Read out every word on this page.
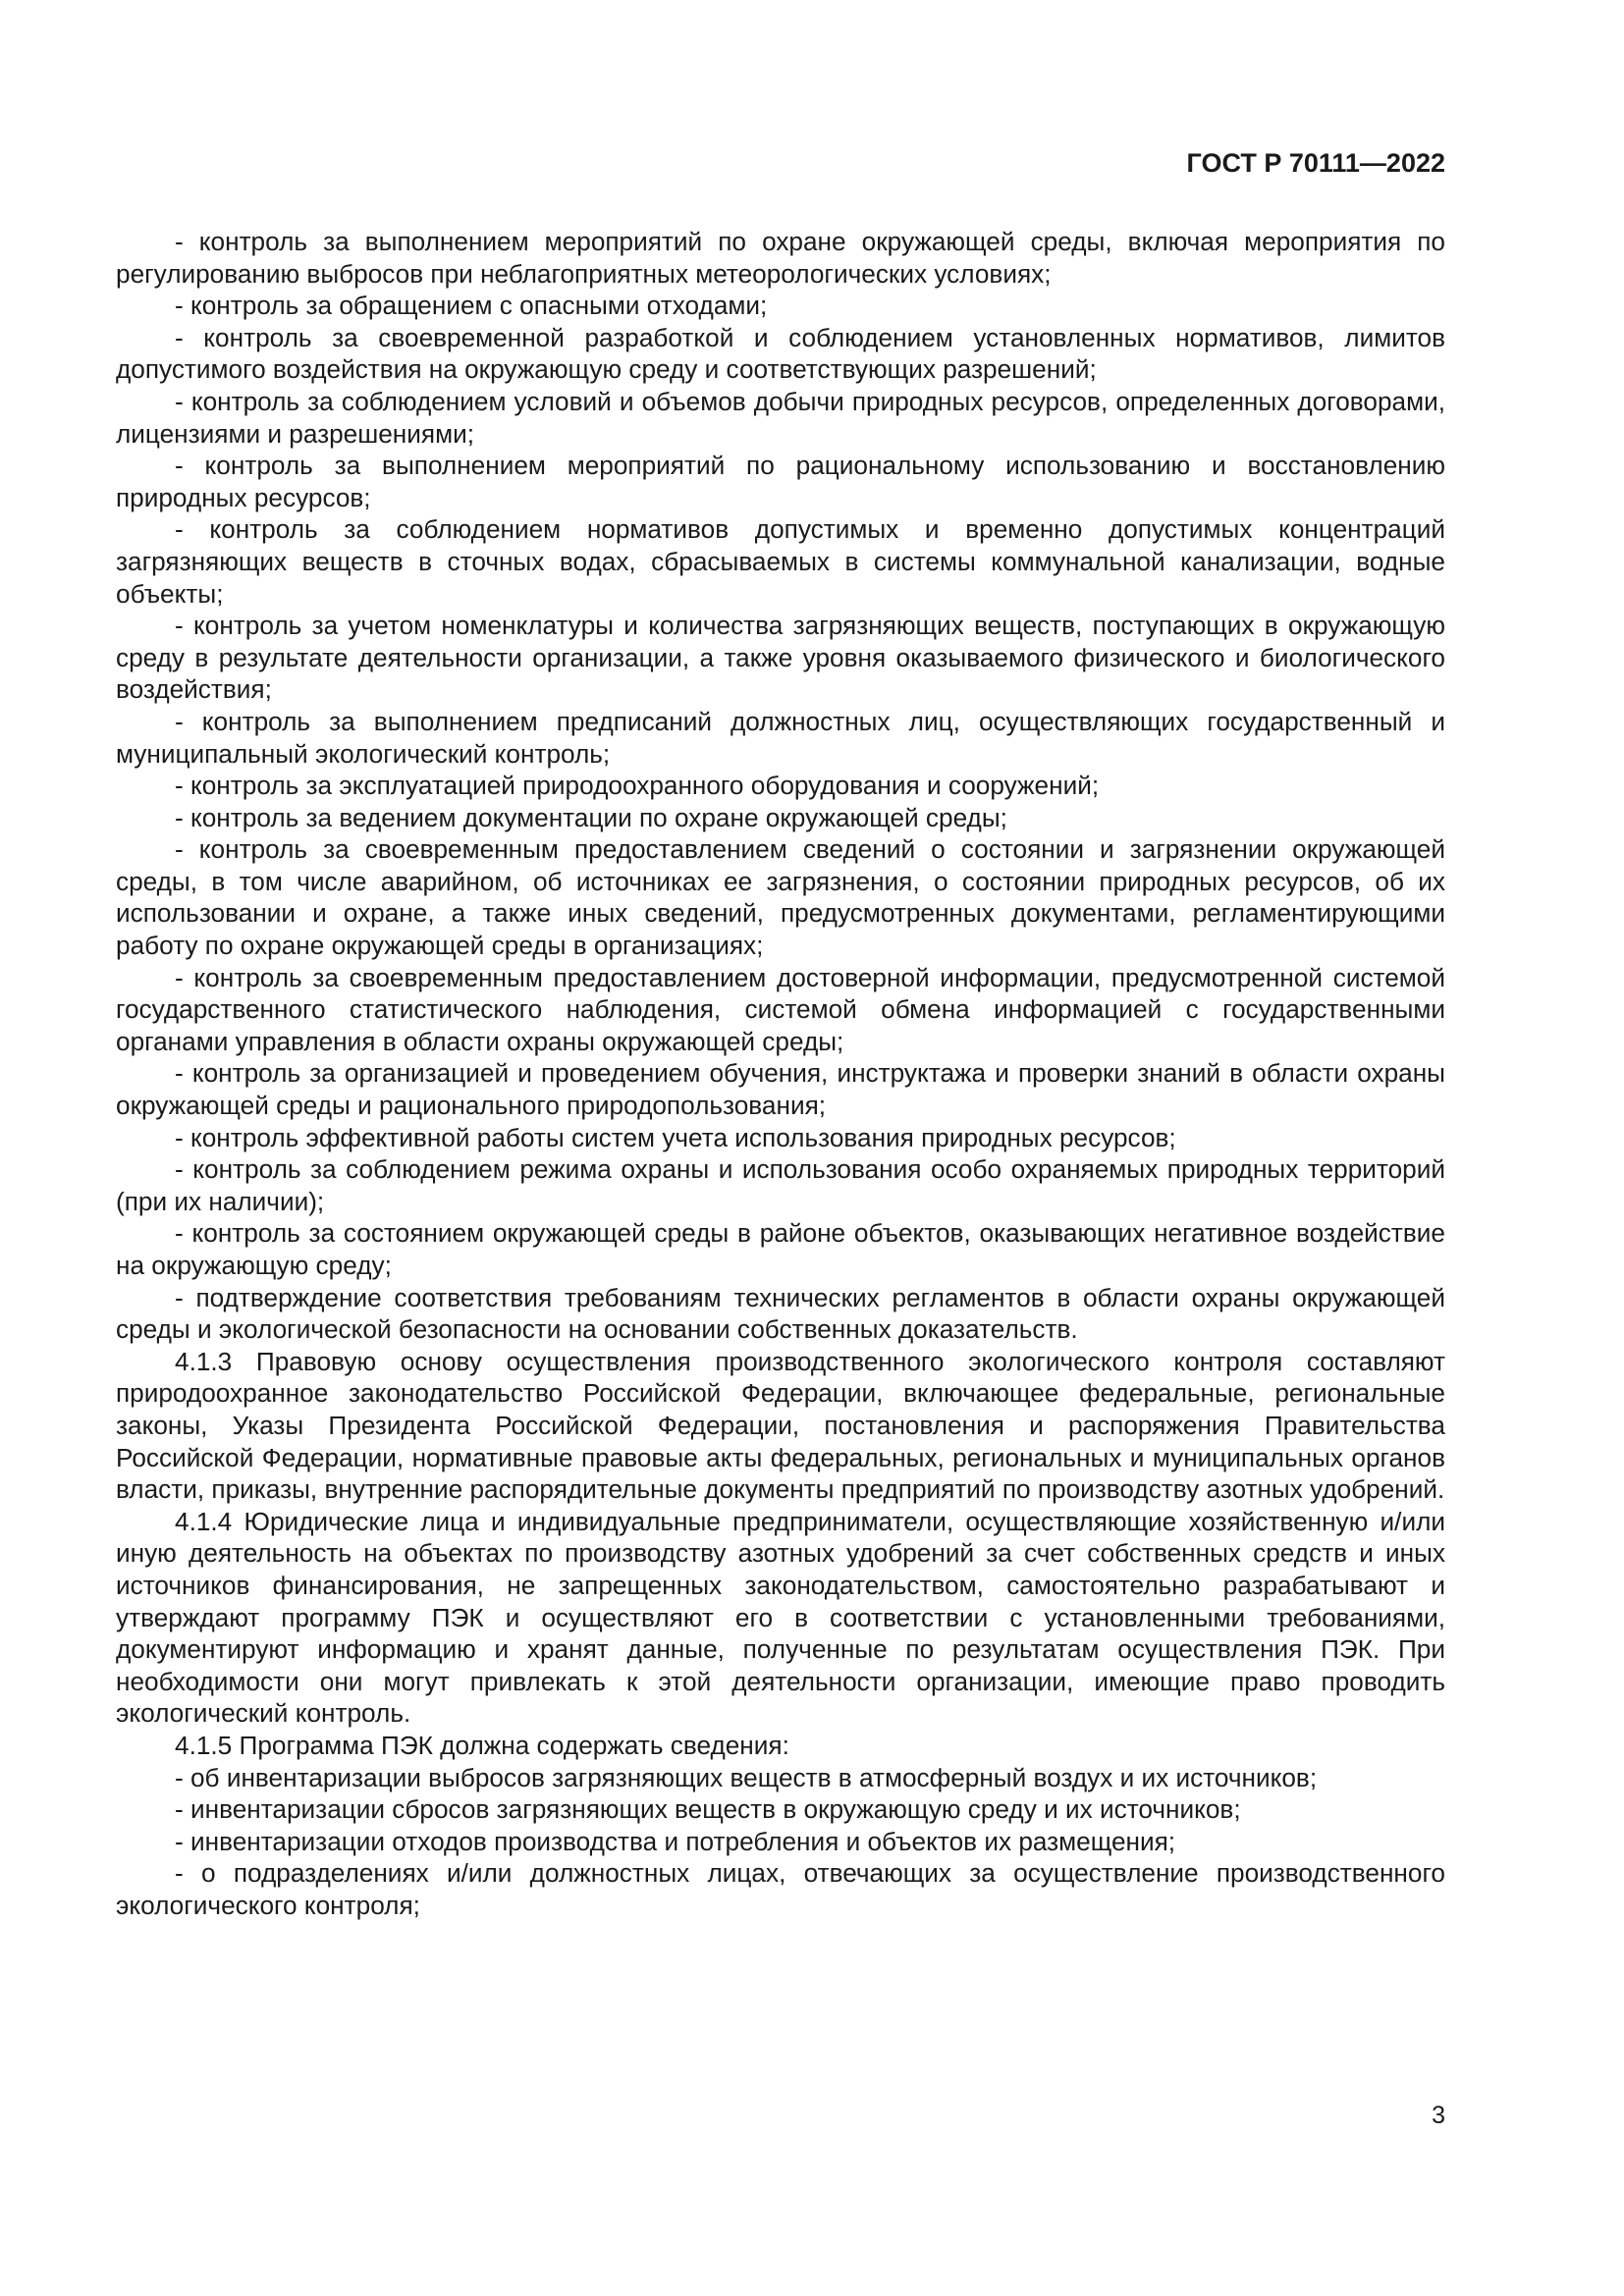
ГОСТ Р 70111—2022

- контроль за выполнением мероприятий по охране окружающей среды, включая мероприятия по регулированию выбросов при неблагоприятных метеорологических условиях;

- контроль за обращением с опасными отходами;

- контроль за своевременной разработкой и соблюдением установленных нормативов, лимитов допустимого воздействия на окружающую среду и соответствующих разрешений;

- контроль за соблюдением условий и объемов добычи природных ресурсов, определенных договорами, лицензиями и разрешениями;

- контроль за выполнением мероприятий по рациональному использованию и восстановлению природных ресурсов;

- контроль за соблюдением нормативов допустимых и временно допустимых концентраций загрязняющих веществ в сточных водах, сбрасываемых в системы коммунальной канализации, водные объекты;

- контроль за учетом номенклатуры и количества загрязняющих веществ, поступающих в окружающую среду в результате деятельности организации, а также уровня оказываемого физического и биологического воздействия;

- контроль за выполнением предписаний должностных лиц, осуществляющих государственный и муниципальный экологический контроль;

- контроль за эксплуатацией природоохранного оборудования и сооружений;

- контроль за ведением документации по охране окружающей среды;

- контроль за своевременным предоставлением сведений о состоянии и загрязнении окружающей среды, в том числе аварийном, об источниках ее загрязнения, о состоянии природных ресурсов, об их использовании и охране, а также иных сведений, предусмотренных документами, регламентирующими работу по охране окружающей среды в организациях;

- контроль за своевременным предоставлением достоверной информации, предусмотренной системой государственного статистического наблюдения, системой обмена информацией с государственными органами управления в области охраны окружающей среды;

- контроль за организацией и проведением обучения, инструктажа и проверки знаний в области охраны окружающей среды и рационального природопользования;

- контроль эффективной работы систем учета использования природных ресурсов;

- контроль за соблюдением режима охраны и использования особо охраняемых природных территорий (при их наличии);

- контроль за состоянием окружающей среды в районе объектов, оказывающих негативное воздействие на окружающую среду;

- подтверждение соответствия требованиям технических регламентов в области охраны окружающей среды и экологической безопасности на основании собственных доказательств.

4.1.3 Правовую основу осуществления производственного экологического контроля составляют природоохранное законодательство Российской Федерации, включающее федеральные, региональные законы, Указы Президента Российской Федерации, постановления и распоряжения Правительства Российской Федерации, нормативные правовые акты федеральных, региональных и муниципальных органов власти, приказы, внутренние распорядительные документы предприятий по производству азотных удобрений.

4.1.4 Юридические лица и индивидуальные предприниматели, осуществляющие хозяйственную и/или иную деятельность на объектах по производству азотных удобрений за счет собственных средств и иных источников финансирования, не запрещенных законодательством, самостоятельно разрабатывают и утверждают программу ПЭК и осуществляют его в соответствии с установленными требованиями, документируют информацию и хранят данные, полученные по результатам осуществления ПЭК. При необходимости они могут привлекать к этой деятельности организации, имеющие право проводить экологический контроль.

4.1.5 Программа ПЭК должна содержать сведения:

- об инвентаризации выбросов загрязняющих веществ в атмосферный воздух и их источников;

- инвентаризации сбросов загрязняющих веществ в окружающую среду и их источников;

- инвентаризации отходов производства и потребления и объектов их размещения;

- о подразделениях и/или должностных лицах, отвечающих за осуществление производственного экологического контроля;

3
